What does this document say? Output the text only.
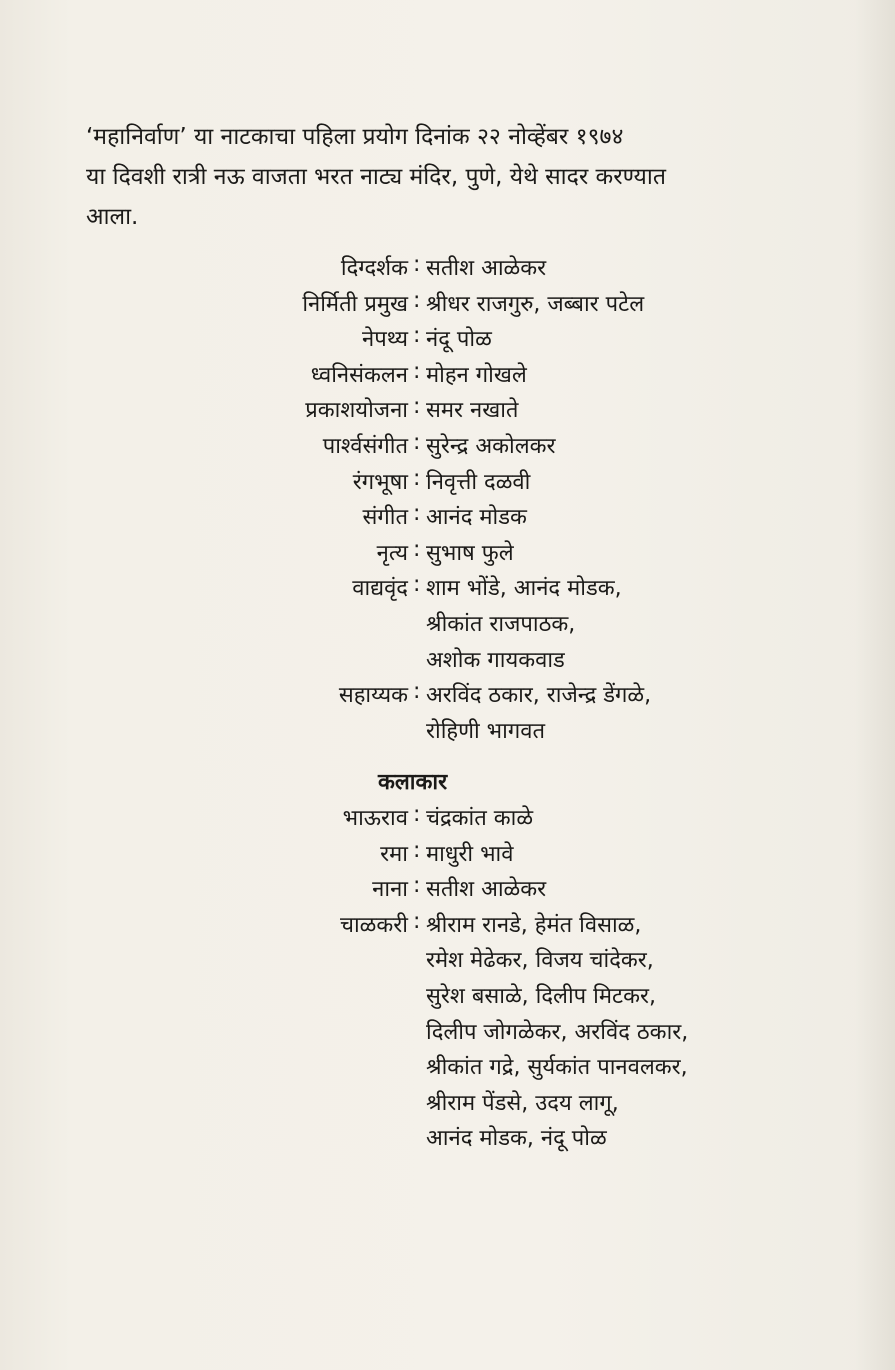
‘महानिर्वाण’ या नाटकाचा पहिला प्रयोग दिनांक २२ नोव्हेंबर १९७४
या दिवशी रात्री नऊ वाजता भरत नाट्य मंदिर, पुणे, येथे सादर करण्यात
आला.

दिग्दर्शक : सतीश आळेकर
निर्मिती प्रमुख : श्रीधर राजगुरु, जब्बार पटेल
नेपथ्य : नंदू पोळ
ध्वनिसंकलन : मोहन गोखले
प्रकाशयोजना : समर नखाते
पार्श्वसंगीत : सुरेन्द्र अकोलकर
रंगभूषा : निवृत्ती दळवी
संगीत : आनंद मोडक
नृत्य : सुभाष फुले
वाद्यवृंद : शाम भोंडे, आनंद मोडक,
श्रीकांत राजपाठक,
अशोक गायकवाड
सहाय्यक : अरविंद ठकार, राजेन्द्र डेंगळे,
रोहिणी भागवत
कलाकार
भाऊराव : चंद्रकांत काळे
रमा : माधुरी भावे
नाना : सतीश आळेकर
चाळकरी : श्रीराम रानडे, हेमंत विसाळ,
रमेश मेढेकर, विजय चांदेकर,
सुरेश बसाळे, दिलीप मिटकर,
दिलीप जोगळेकर, अरविंद ठकार,
श्रीकांत गद्रे, सुर्यकांत पानवलकर,
श्रीराम पेंडसे, उदय लागू,
आनंद मोडक, नंदू पोळ
